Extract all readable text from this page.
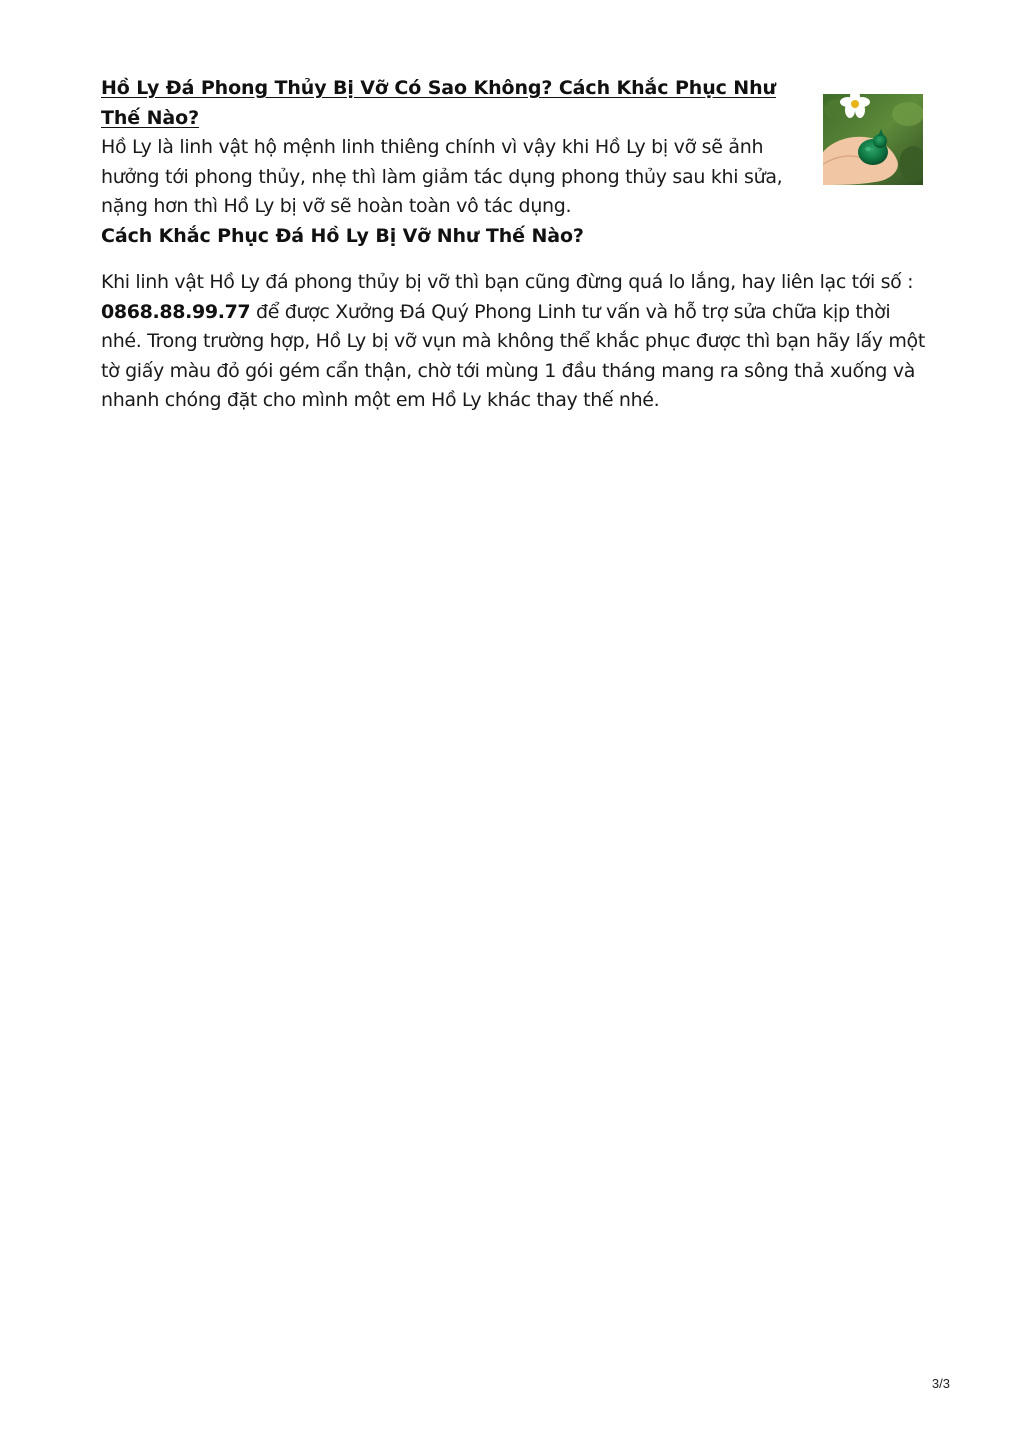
Hồ Ly Đá Phong Thủy Bị Vỡ Có Sao Không? Cách Khắc Phục Như Thế Nào?

Hồ Ly là linh vật hộ mệnh linh thiêng chính vì vậy khi Hồ Ly bị vỡ sẽ ảnh hưởng tới phong thủy, nhẹ thì làm giảm tác dụng phong thủy sau khi sửa, nặng hơn thì Hồ Ly bị vỡ sẽ hoàn toàn vô tác dụng.

Cách Khắc Phục Đá Hồ Ly Bị Vỡ Như Thế Nào?

Khi linh vật Hồ Ly đá phong thủy bị vỡ thì bạn cũng đừng quá lo lắng, hay liên lạc tới số :
0868.88.99.77 để được Xưởng Đá Quý Phong Linh tư vấn và hỗ trợ sửa chữa kịp thời nhé. Trong trường hợp, Hồ Ly bị vỡ vụn mà không thể khắc phục được thì bạn hãy lấy một tờ giấy màu đỏ gói gém cẩn thận, chờ tới mùng 1 đầu tháng mang ra sông thả xuống và nhanh chóng đặt cho mình một em Hồ Ly khác thay thế nhé.

3/3
